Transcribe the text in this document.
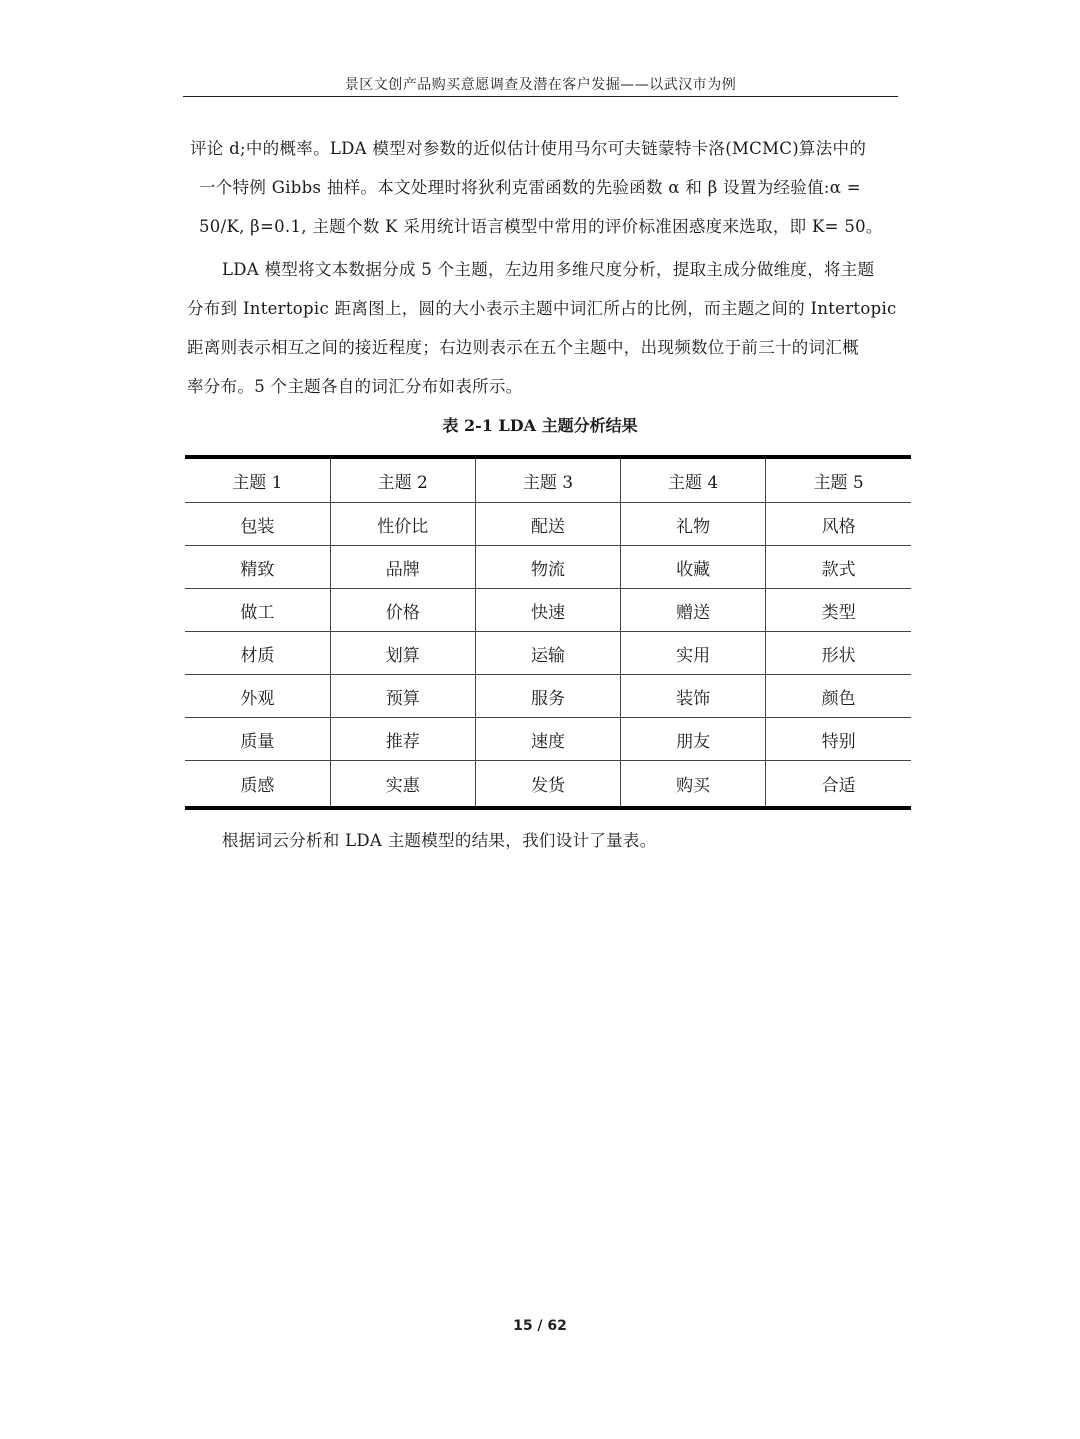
景区文创产品购买意愿调查及潜在客户发掘——以武汉市为例
评论 d;中的概率。LDA 模型对参数的近似估计使用马尔可夫链蒙特卡洛(MCMC)算法中的
一个特例 Gibbs 抽样。本文处理时将狄利克雷函数的先验函数 α 和 β 设置为经验值:α =
50/K, β=0.1, 主题个数 K 采用统计语言模型中常用的评价标准困惑度来选取，即 K= 50。
LDA 模型将文本数据分成 5 个主题，左边用多维尺度分析，提取主成分做维度，将主题
分布到 Intertopic 距离图上，圆的大小表示主题中词汇所占的比例，而主题之间的 Intertopic
距离则表示相互之间的接近程度；右边则表示在五个主题中，出现频数位于前三十的词汇概
率分布。5 个主题各自的词汇分布如表所示。
表 2-1 LDA 主题分析结果
主题 1	主题 2	主题 3	主题 4	主题 5
包装	性价比	配送	礼物	风格
精致	品牌	物流	收藏	款式
做工	价格	快速	赠送	类型
材质	划算	运输	实用	形状
外观	预算	服务	装饰	颜色
质量	推荐	速度	朋友	特别
质感	实惠	发货	购买	合适
根据词云分析和 LDA 主题模型的结果，我们设计了量表。
15 / 62
